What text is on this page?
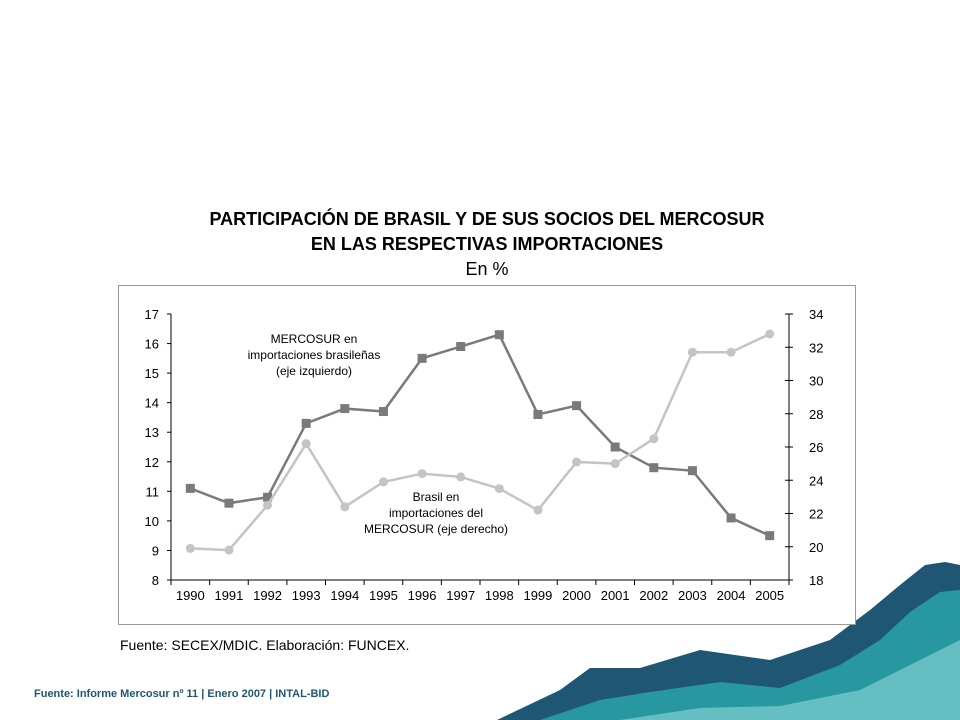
PARTICIPACIÓN DE BRASIL Y DE SUS SOCIOS DEL MERCOSUR
EN LAS RESPECTIVAS IMPORTACIONES
En %
8
9
10
11
12
13
14
15
16
17
18
20
22
24
26
28
30
32
34
1990 1991 1992 1993 1994 1995 1996 1997 1998 1999 2000 2001 2002 2003 2004 2005
MERCOSUR en
importaciones brasileñas
(eje izquierdo)
Brasil en
importaciones del
MERCOSUR (eje derecho)
Fuente: SECEX/MDIC. Elaboración: FUNCEX.
Fuente: Informe Mercosur nº 11 | Enero 2007 | INTAL-BID
